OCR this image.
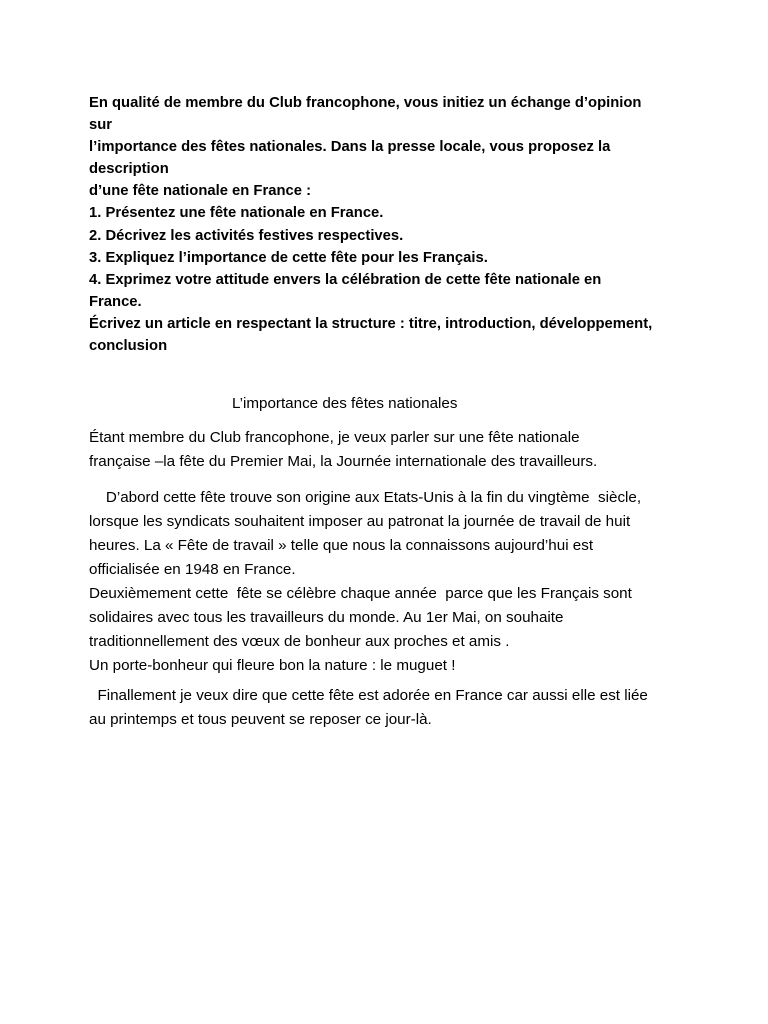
En qualité de membre du Club francophone, vous initiez un échange d’opinion
sur
l’importance des fêtes nationales. Dans la presse locale, vous proposez la
description
d’une fête nationale en France :
1. Présentez une fête nationale en France.
2. Décrivez les activités festives respectives.
3. Expliquez l’importance de cette fête pour les Français.
4. Exprimez votre attitude envers la célébration de cette fête nationale en
France.
Écrivez un article en respectant la structure : titre, introduction, développement,
conclusion
L’importance des fêtes nationales
Étant membre du Club francophone, je veux parler sur une fête nationale
française –la fête du Premier Mai, la Journée internationale des travailleurs.
D’abord cette fête trouve son origine aux Etats-Unis à la fin du vingtème  siècle,
lorsque les syndicats souhaitent imposer au patronat la journée de travail de huit
heures. La « Fête de travail » telle que nous la connaissons aujourd’hui est
officialisée en 1948 en France.
Deuxièmement cette  fête se célèbre chaque année  parce que les Français sont
solidaires avec tous les travailleurs du monde. Au 1er Mai, on souhaite
traditionnellement des vœux de bonheur aux proches et amis .
Un porte-bonheur qui fleure bon la nature : le muguet !
Finallement je veux dire que cette fête est adorée en France car aussi elle est liée
au printemps et tous peuvent se reposer ce jour-là.
